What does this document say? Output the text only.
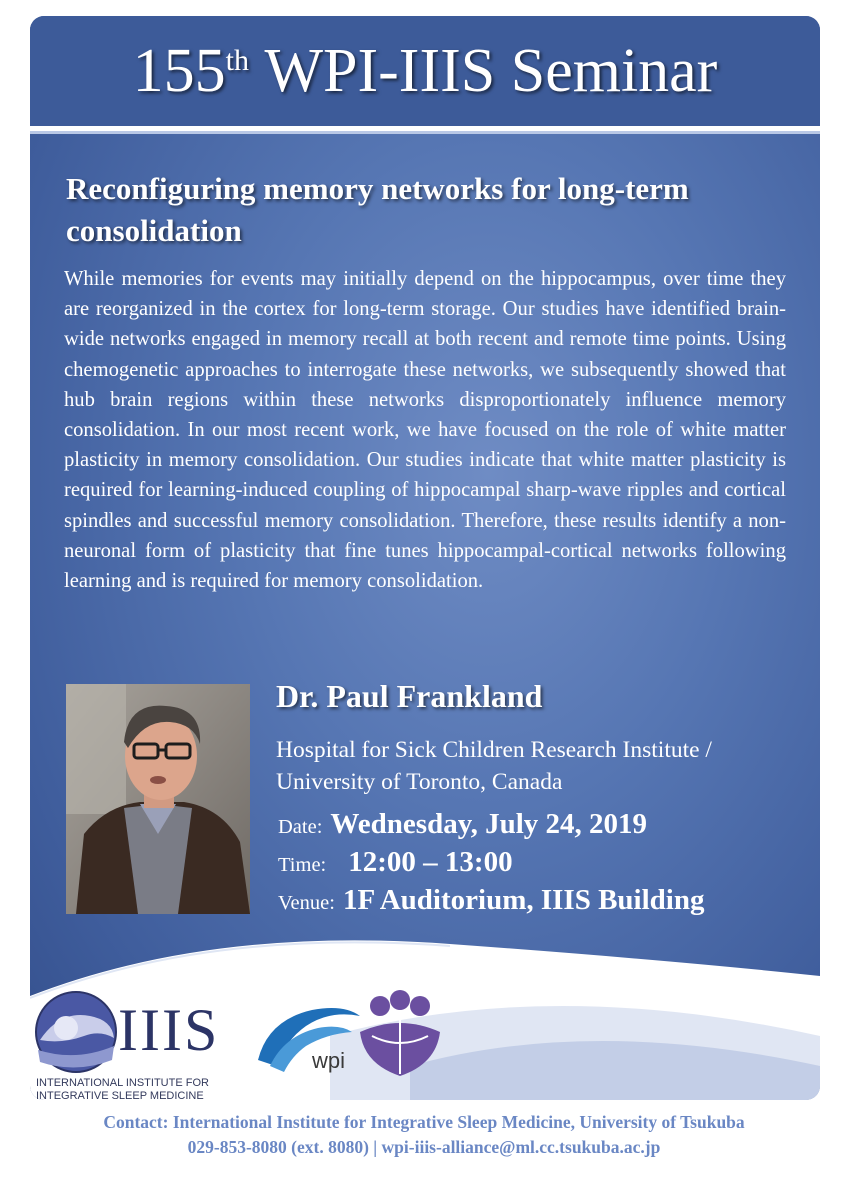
155th
WPI-IIIS Seminar
Reconfiguring memory networks for long-term consolidation

While memories for events may initially depend on the hippocampus, over time they are reorganized in the cortex for long-term storage. Our studies have identified brain-wide networks engaged in memory recall at both recent and remote time points. Using chemogenetic approaches to interrogate these networks, we subsequently showed that hub brain regions within these networks disproportionately influence memory consolidation. In our most recent work, we have focused on the role of white matter plasticity in memory consolidation. Our studies indicate that white matter plasticity is required for learning-induced coupling of hippocampal sharp-wave ripples and cortical spindles and successful memory consolidation. Therefore, these results identify a non-neuronal form of plasticity that fine tunes hippocampal-cortical networks following learning and is required for memory consolidation.

Dr. Paul Frankland
Hospital for Sick Children Research Institute /
University of Toronto, Canada
Date: Wednesday, July 24, 2019
Time: 12:00 – 13:00
Venue: 1F Auditorium, IIIS Building
IIIS
INTERNATIONAL INSTITUTE FOR INTEGRATIVE SLEEP MEDICINE
wpi
Contact: International Institute for Integrative Sleep Medicine, University of Tsukuba
029-853-8080 (ext. 8080) | wpi-iiis-alliance@ml.cc.tsukuba.ac.jp
